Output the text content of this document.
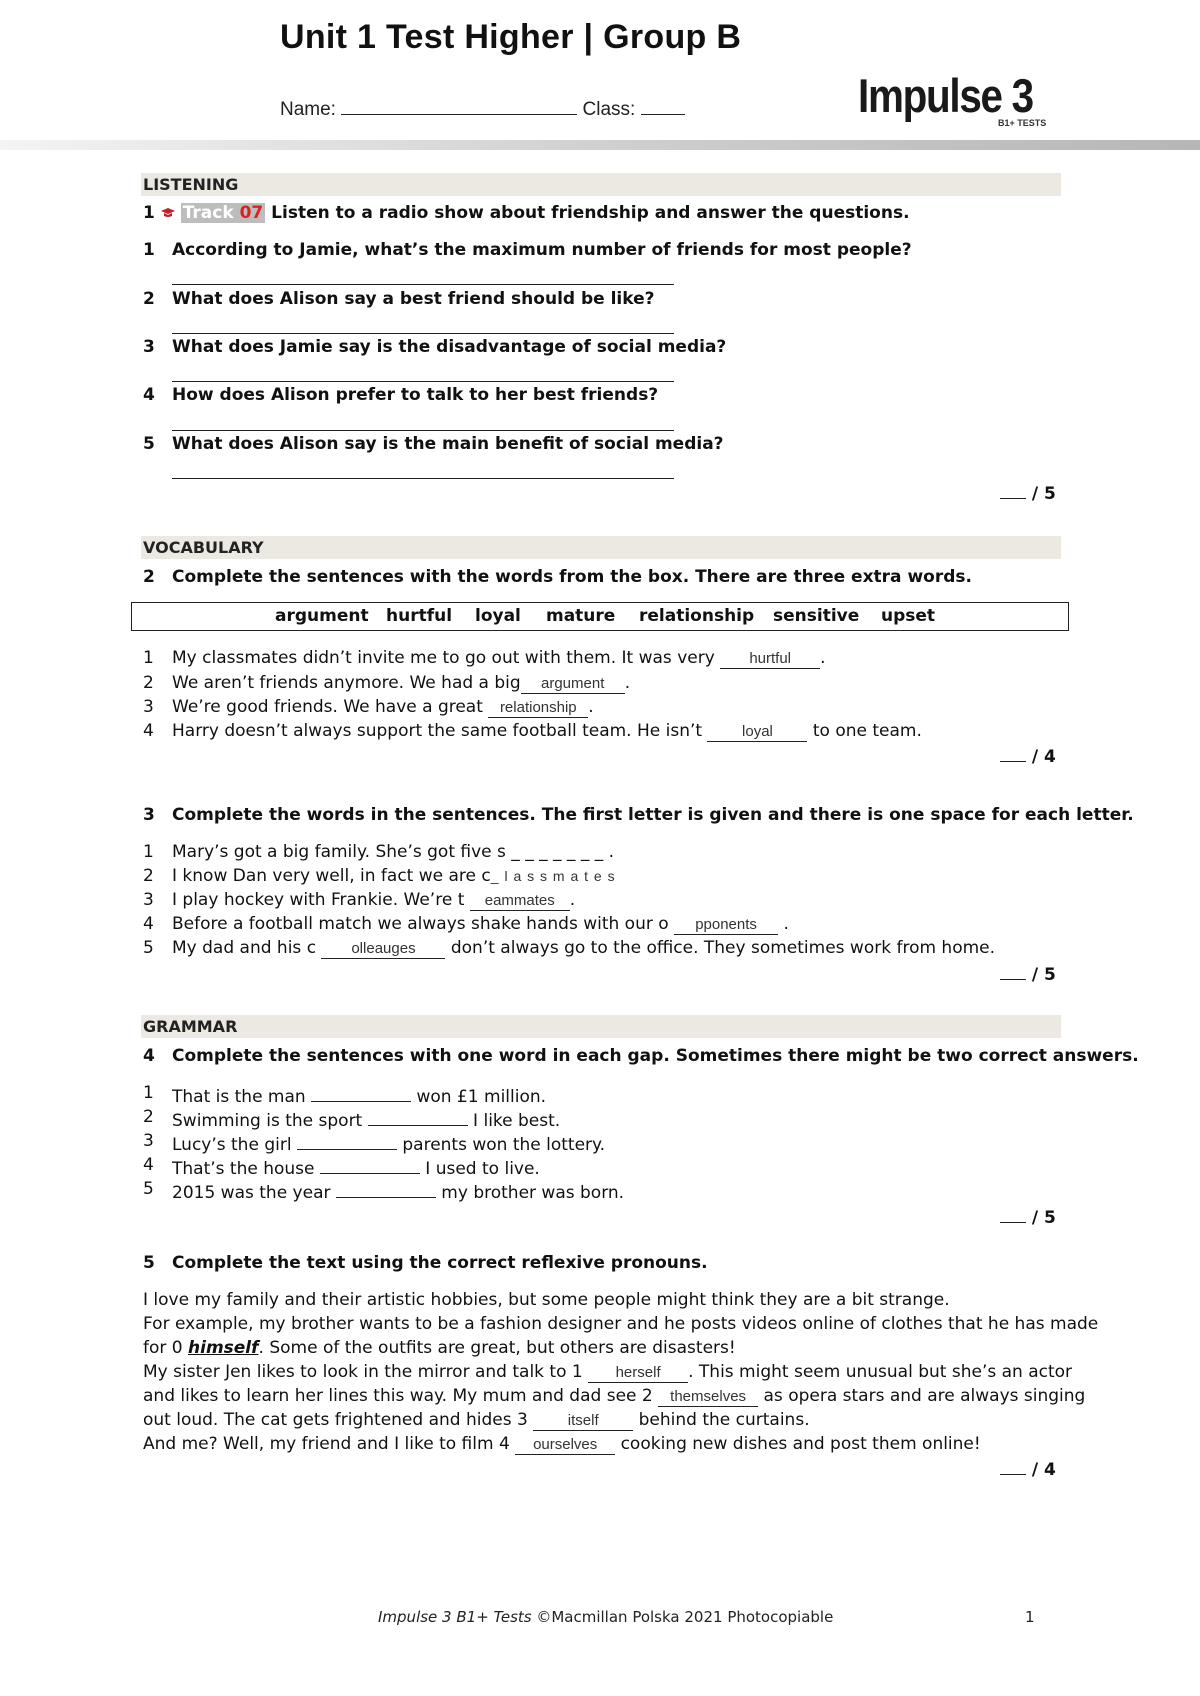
Unit 1 Test Higher | Group B
Name:	Class:	Impulse 3
B1+ TESTS
LISTENING
1 Track 07 Listen to a radio show about friendship and answer the questions.
1 According to Jamie, what’s the maximum number of friends for most people?
2 What does Alison say a best friend should be like?
3 What does Jamie say is the disadvantage of social media?
4 How does Alison prefer to talk to her best friends?
5 What does Alison say is the main benefit of social media?
/ 5
VOCABULARY
2 Complete the sentences with the words from the box. There are three extra words.
argument hurtful loyal mature relationship sensitive upset
1 My classmates didn’t invite me to go out with them. It was very hurtful .
2 We aren’t friends anymore. We had a big argument .
3 We’re good friends. We have a great relationship .
4 Harry doesn’t always support the same football team. He isn’t	loyal to one team.
/ 4
3 Complete the words in the sentences. The first letter is given and there is one space for each letter.
1 Mary’s got a big family. She’s got five s _ _ _ _ _ _ _ .
2 I know Dan very well, in fact we are c_ l a s s m a t e s
3 I play hockey with Frankie. We’re t eammates .
4 Before a football match we always shake hands with our o pponents .
5 My dad and his c olleauges don’t always go to the office. They sometimes work from home.
/ 5
GRAMMAR
4 Complete the sentences with one word in each gap. Sometimes there might be two correct answers.
1 That is the man	won £1 million.
2 Swimming is the sport	I like best.
3 Lucy’s the girl	parents won the lottery.
4 That’s the house	I used to live.
5 2015 was the year	my brother was born.
/ 5
5 Complete the text using the correct reflexive pronouns.
I love my family and their artistic hobbies, but some people might think they are a bit strange.
For example, my brother wants to be a fashion designer and he posts videos online of clothes that he has made
for 0 himself. Some of the outfits are great, but others are disasters!
My sister Jen likes to look in the mirror and talk to 1 herself . This might seem unusual but she’s an actor
and likes to learn her lines this way. My mum and dad see 2 themselves as opera stars and are always singing
out loud. The cat gets frightened and hides 3	itself behind the curtains.
And me? Well, my friend and I like to film 4 ourselves cooking new dishes and post them online!
/ 4
Impulse 3 B1+ Tests ©Macmillan Polska 2021 Photocopiable	1
